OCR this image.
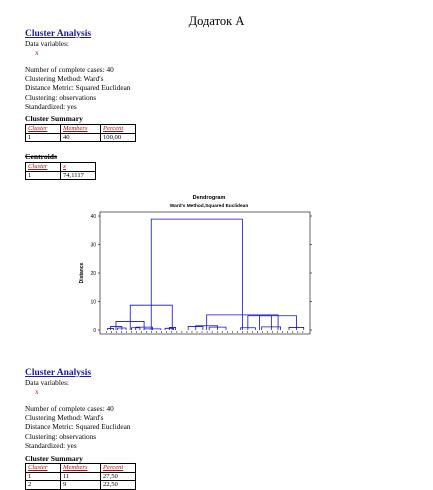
Додаток А
Cluster Analysis
Data variables:
x
Number of complete cases: 40
Clustering Method: Ward's
Distance Metric: Squared Euclidean
Clustering: observations
Standardized: yes
Cluster Summary
Cluster	Members	Percent
1	40	100,00
Centroids
Cluster	x
1	74,1117
Dendrogram
Ward's Method,Squared Euclidean
Distance
0
10
20
30
40
Cluster Analysis
Data variables:
x
Number of complete cases: 40
Clustering Method: Ward's
Distance Metric: Squared Euclidean
Clustering: observations
Standardized: yes
Cluster Summary
Cluster	Members	Percent
1	11	27,50
2	9	22,50
